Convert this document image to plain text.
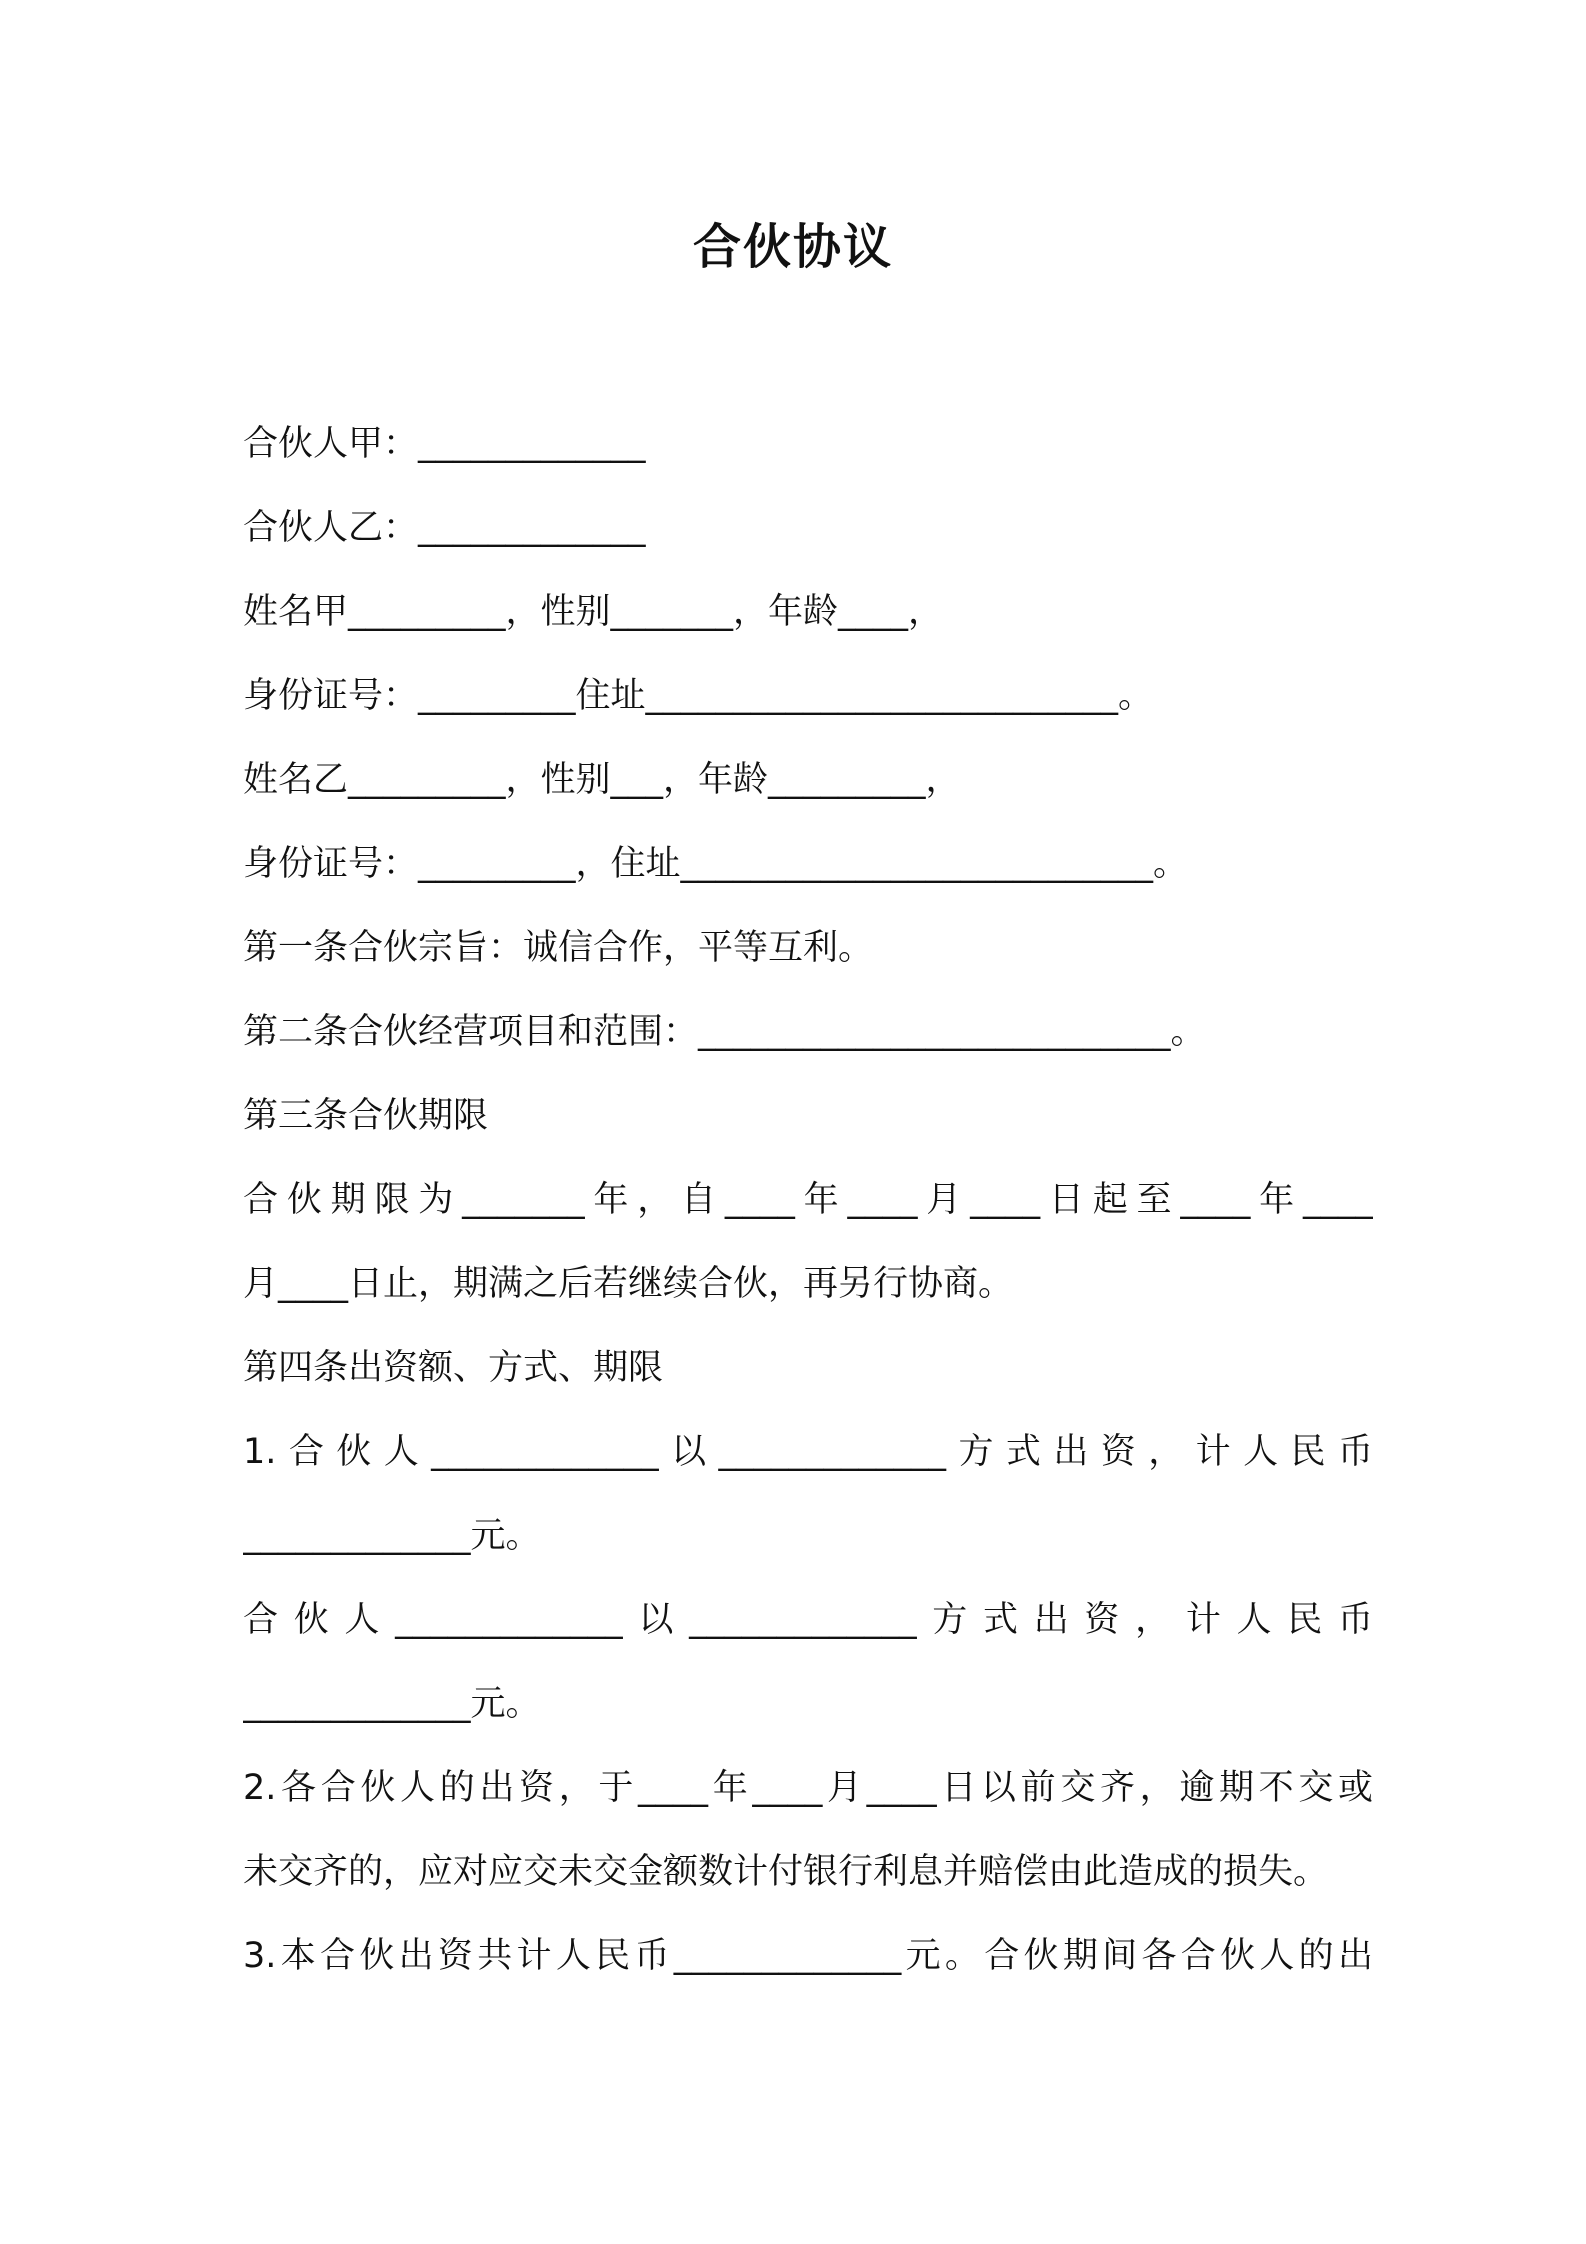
合伙协议
合伙人甲：_____________
合伙人乙：_____________
姓名甲_________，性别_______，年龄____，
身份证号：_________住址___________________________。
姓名乙_________，性别___，年龄_________，
身份证号：_________，住址___________________________。
第一条合伙宗旨：诚信合作，平等互利。
第二条合伙经营项目和范围：___________________________。
第三条合伙期限
合伙期限为_______年，自____年____月____日起至____年____
月____日止，期满之后若继续合伙，再另行协商。
第四条出资额、方式、期限
1.合伙人_____________以_____________方式出资，计人民币
_____________元。
合伙人_____________以_____________方式出资，计人民币
_____________元。
2.各合伙人的出资，于____年____月____日以前交齐，逾期不交或
未交齐的，应对应交未交金额数计付银行利息并赔偿由此造成的损失。
3.本合伙出资共计人民币_____________元。合伙期间各合伙人的出
